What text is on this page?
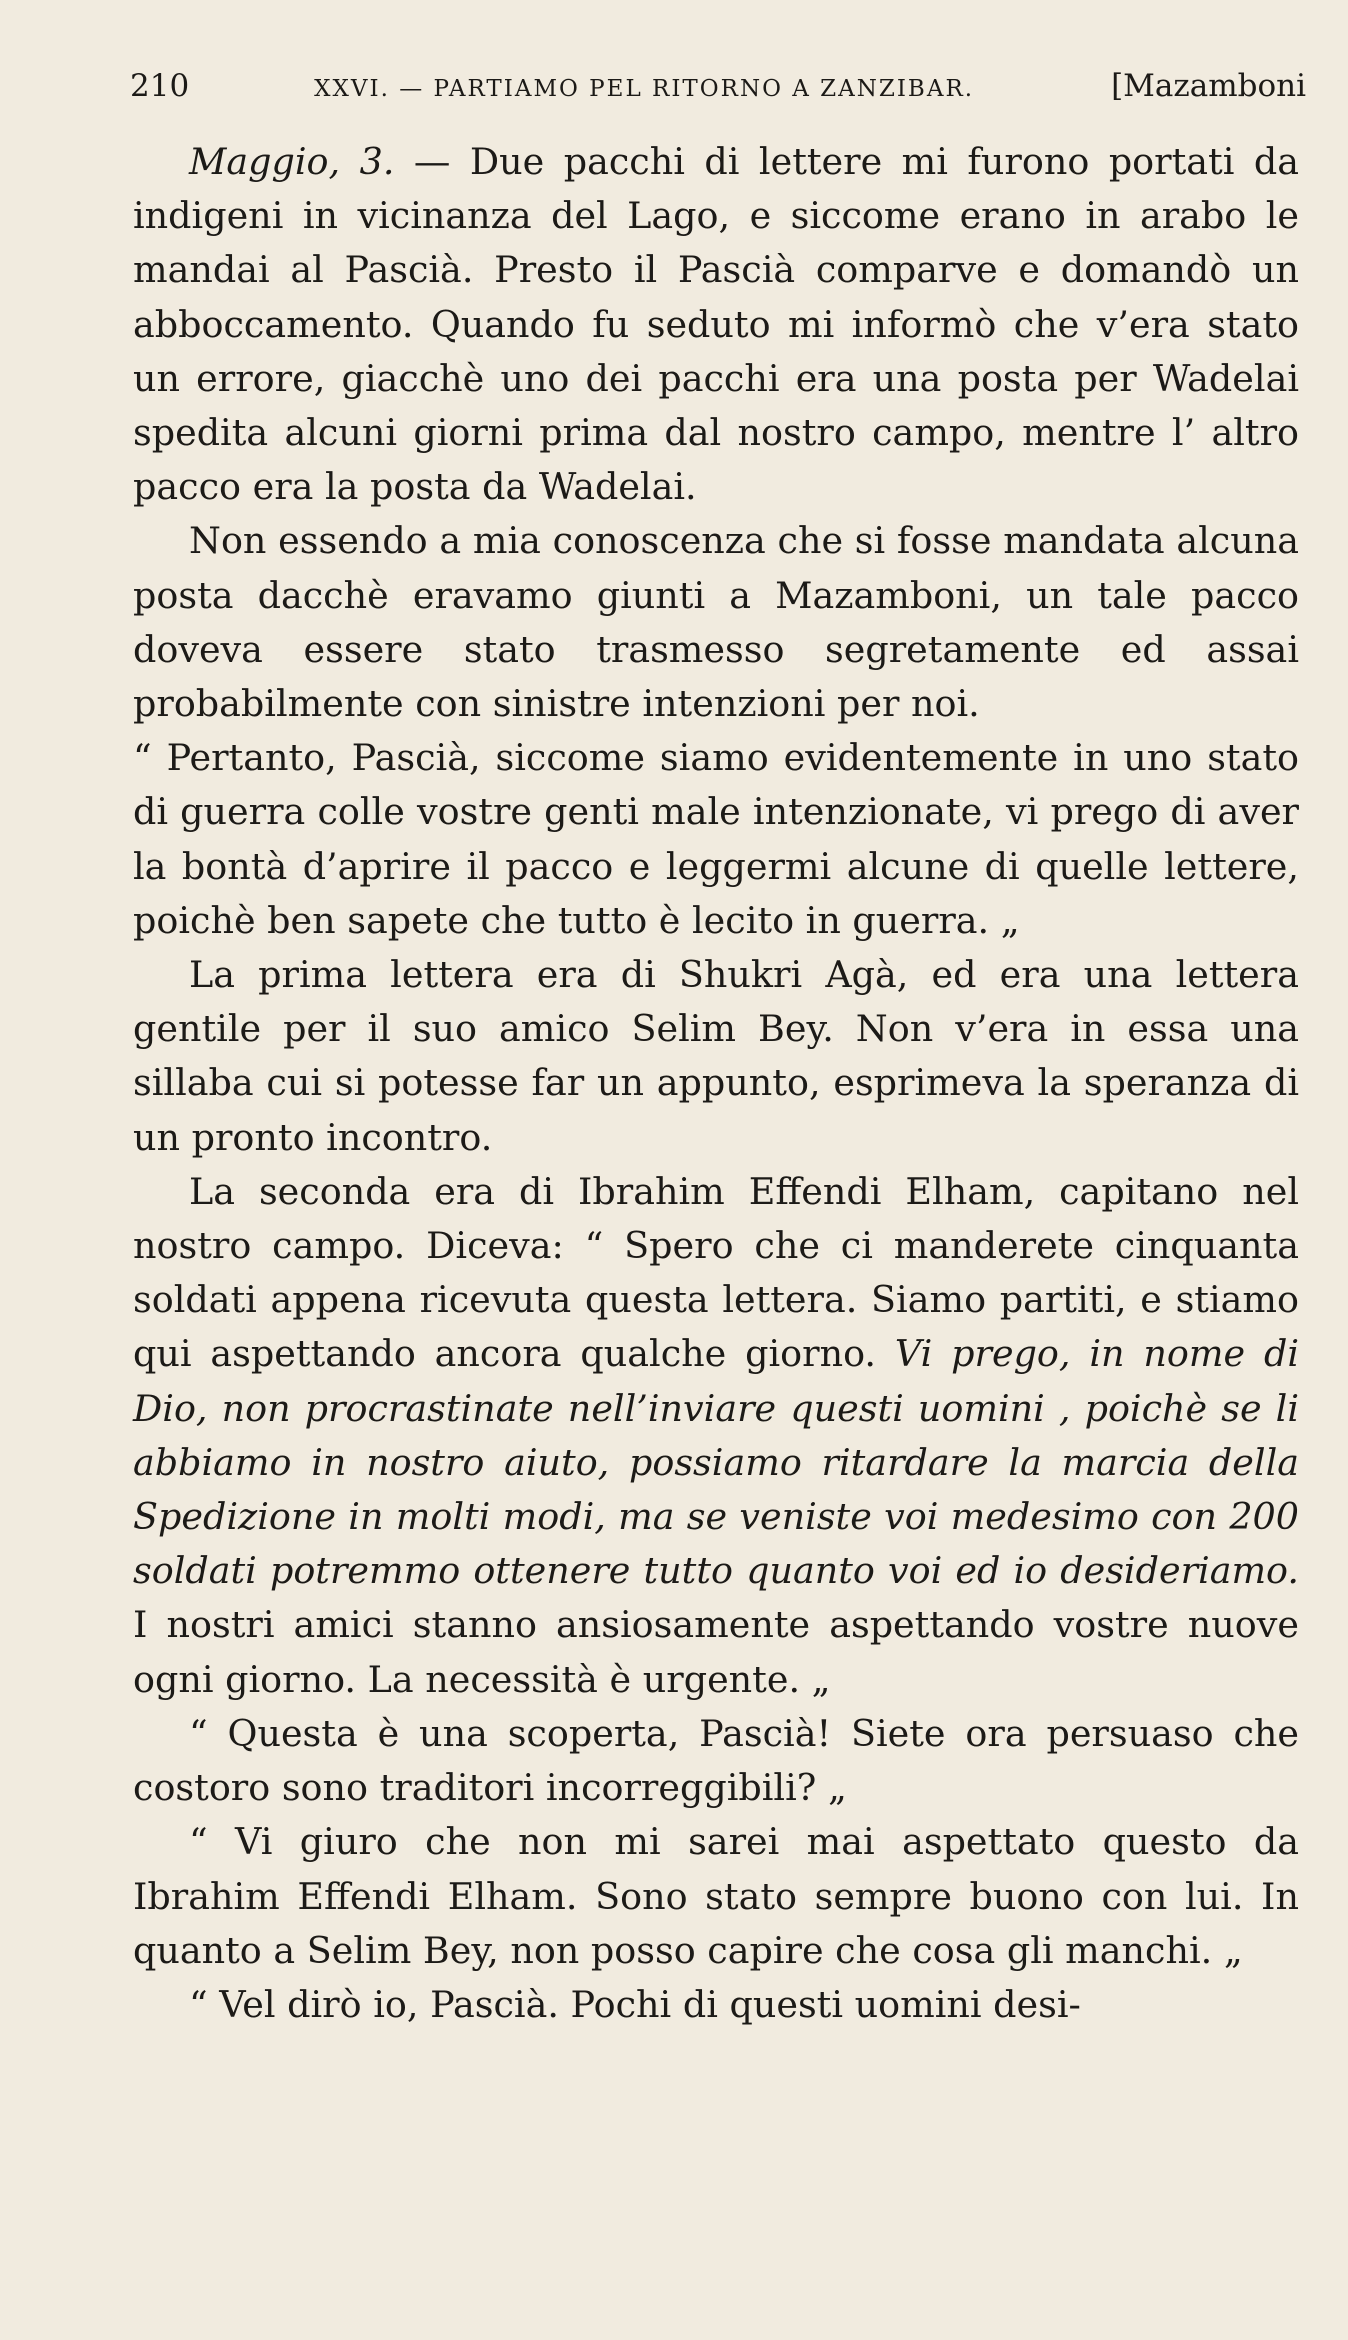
210	XXVI. — PARTIAMO PEL RITORNO A ZANZIBAR.	[Mazamboni

Maggio, 3. — Due pacchi di lettere mi furono portati da indigeni in vicinanza del Lago, e siccome erano in arabo le mandai al Pascià. Presto il Pascià comparve e domandò un abboccamento. Quando fu seduto mi informò che v’era stato un errore, giacchè uno dei pacchi era una posta per Wadelai spedita alcuni giorni prima dal nostro campo, mentre l’ altro pacco era la posta da Wadelai.

Non essendo a mia conoscenza che si fosse mandata alcuna posta dacchè eravamo giunti a Mazamboni, un tale pacco doveva essere stato trasmesso segretamente ed assai probabilmente con sinistre intenzioni per noi.

“ Pertanto, Pascià, siccome siamo evidentemente in uno stato di guerra colle vostre genti male intenzionate, vi prego di aver la bontà d’aprire il pacco e leggermi alcune di quelle lettere, poichè ben sapete che tutto è lecito in guerra. „

La prima lettera era di Shukri Agà, ed era una lettera gentile per il suo amico Selim Bey. Non v’era in essa una sillaba cui si potesse far un appunto, esprimeva la speranza di un pronto incontro.

La seconda era di Ibrahim Effendi Elham, capitano nel nostro campo. Diceva: “ Spero che ci manderete cinquanta soldati appena ricevuta questa lettera. Siamo partiti, e stiamo qui aspettando ancora qualche giorno. Vi prego, in nome di Dio, non procrastinate nell’inviare questi uomini , poichè se li abbiamo in nostro aiuto, possiamo ritardare la marcia della Spedizione in molti modi, ma se veniste voi medesimo con 200 soldati potremmo ottenere tutto quanto voi ed io desideriamo. I nostri amici stanno ansiosamente aspettando vostre nuove ogni giorno. La necessità è urgente. „

“ Questa è una scoperta, Pascià! Siete ora persuaso che costoro sono traditori incorreggibili? „

“ Vi giuro che non mi sarei mai aspettato questo da Ibrahim Effendi Elham. Sono stato sempre buono con lui. In quanto a Selim Bey, non posso capire che cosa gli manchi. „

“ Vel dirò io, Pascià. Pochi di questi uomini desi-
